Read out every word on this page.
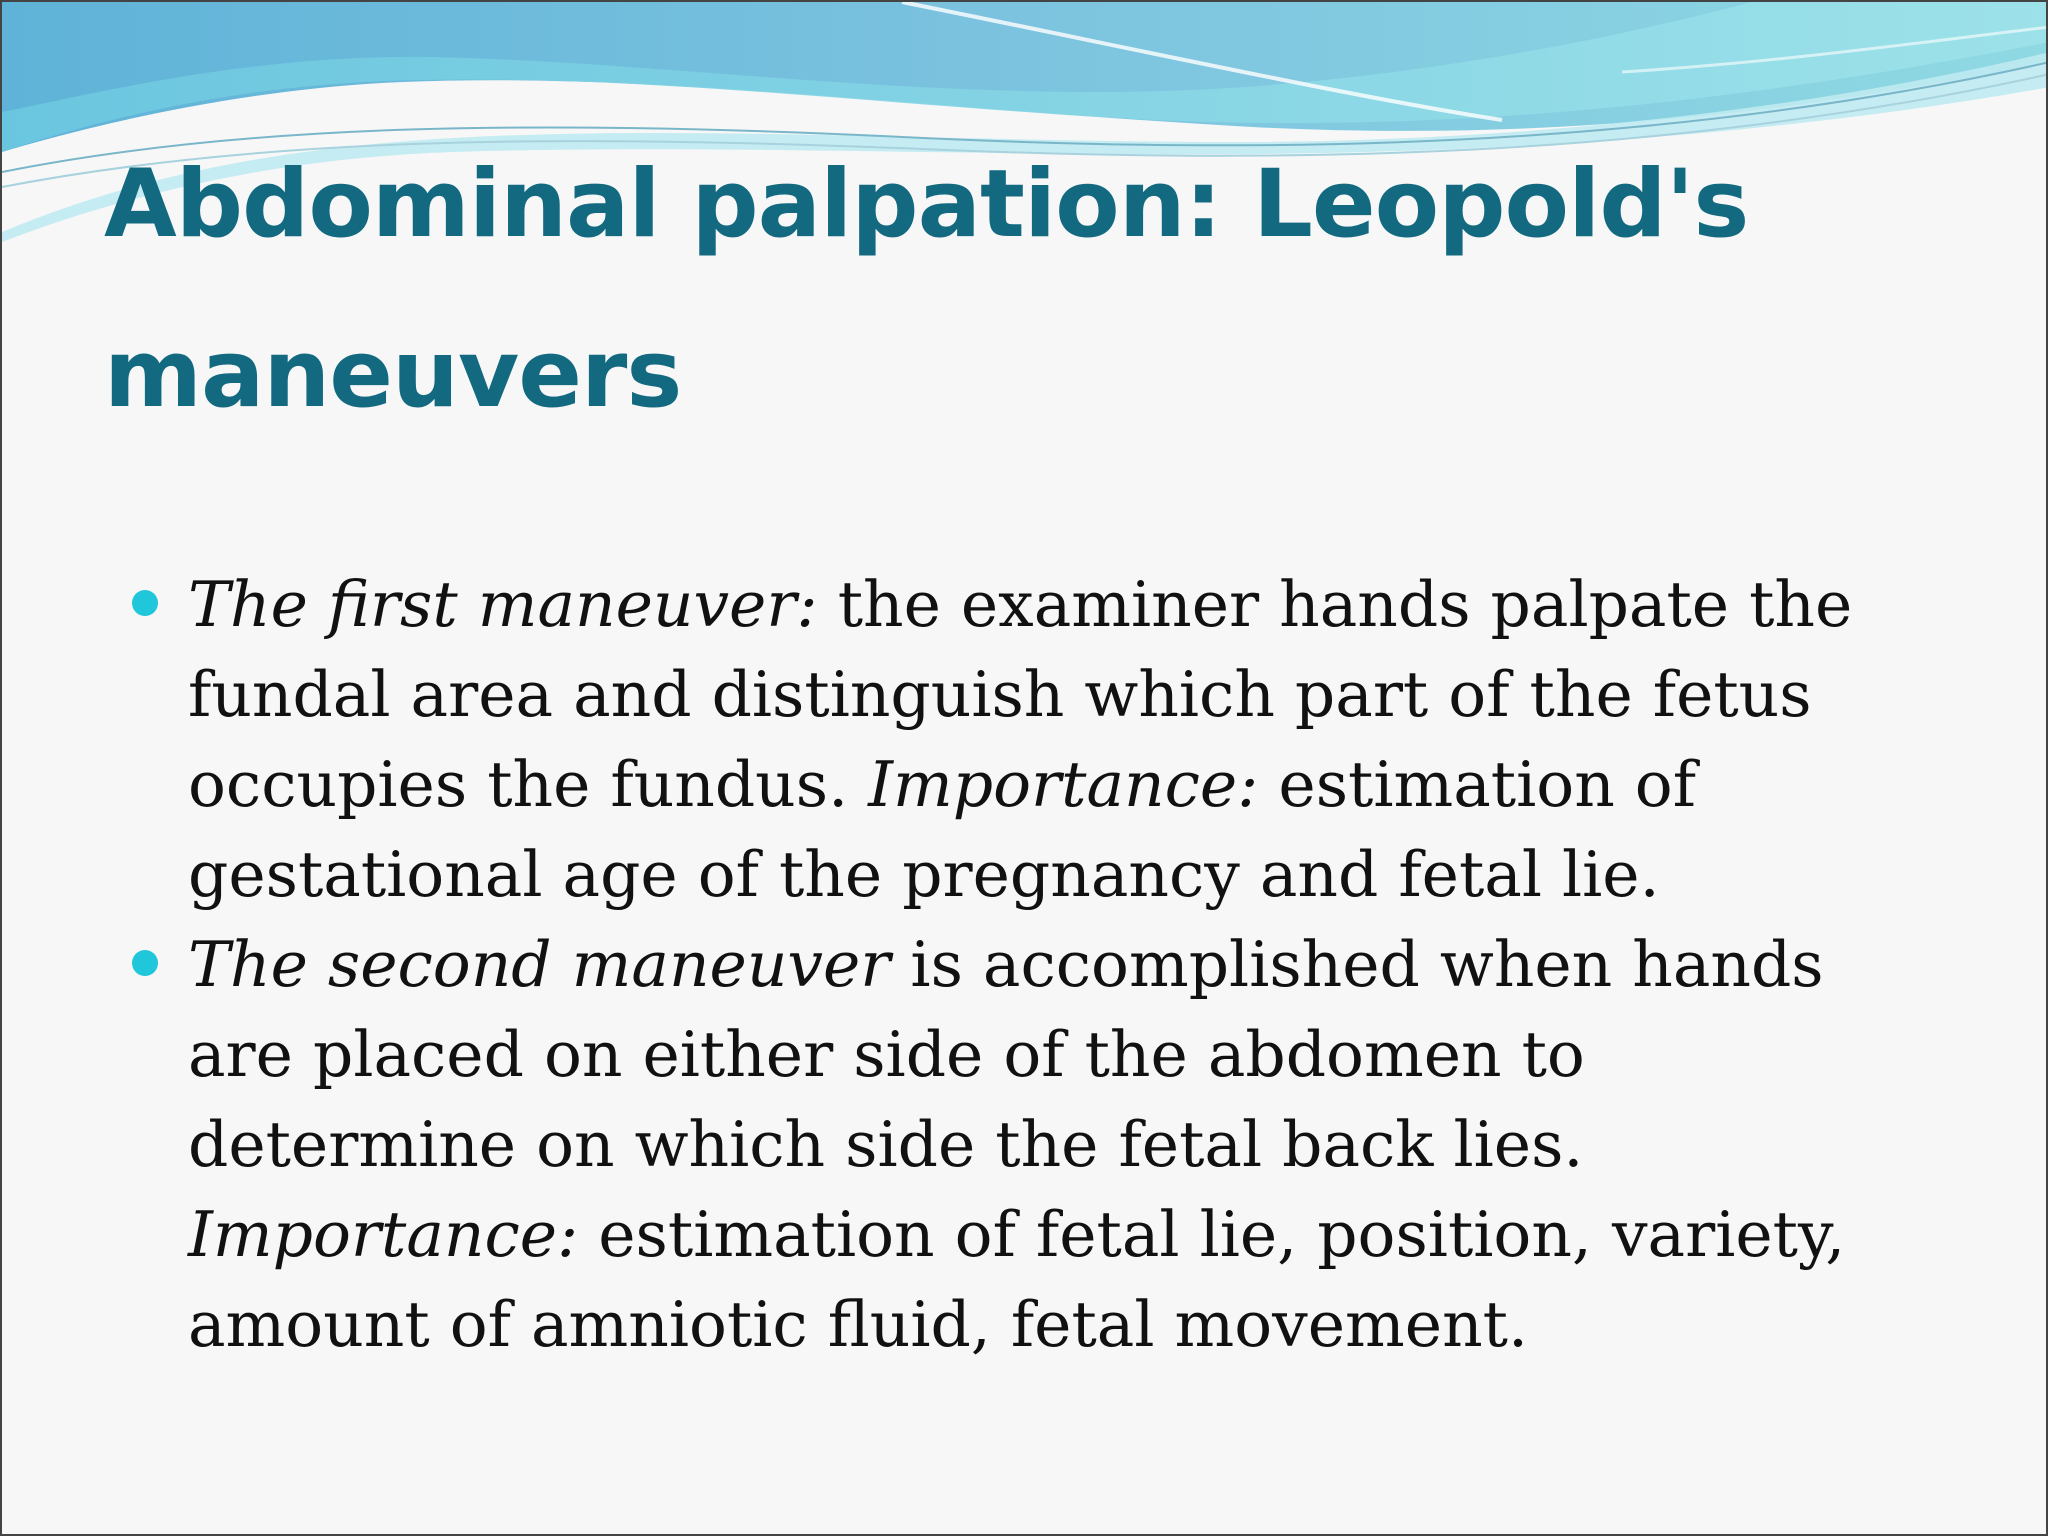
Abdominal palpation: Leopold's maneuvers
The first maneuver: the examiner hands palpate the fundal area and distinguish which part of the fetus occupies the fundus. Importance: estimation of gestational age of the pregnancy and fetal lie.
The second maneuver is accomplished when hands are placed on either side of the abdomen to determine on which side the fetal back lies. Importance: estimation of fetal lie, position, variety, amount of amniotic fluid, fetal movement.
